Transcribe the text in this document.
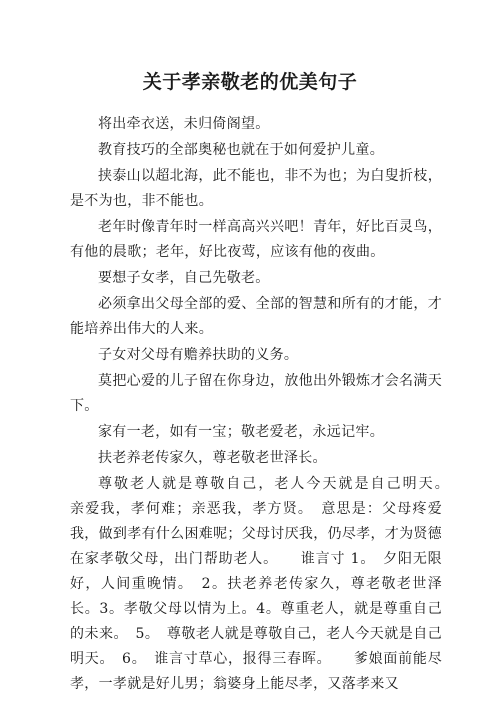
关于孝亲敬老的优美句子
将出牵衣送，未归倚阁望。
教育技巧的全部奥秘也就在于如何爱护儿童。
挟泰山以超北海，此不能也，非不为也；为白叟折枝，是不为也，非不能也。
老年时像青年时一样高高兴兴吧！青年，好比百灵鸟，有他的晨歌；老年，好比夜莺，应该有他的夜曲。
要想子女孝，自己先敬老。
必须拿出父母全部的爱、全部的智慧和所有的才能，才能培养出伟大的人来。
子女对父母有赡养扶助的义务。
莫把心爱的儿子留在你身边，放他出外锻炼才会名满天下。
家有一老，如有一宝；敬老爱老，永远记牢。
扶老养老传家久，尊老敬老世泽长。
尊敬老人就是尊敬自己，老人今天就是自己明天。　　亲爱我，孝何难；亲恶我，孝方贤。　意思是：父母疼爱我，做到孝有什么困难呢；父母讨厌我，仍尽孝，才为贤德　　在家孝敬父母，出门帮助老人。　　谁言寸 1。　夕阳无限好，人间重晚情。　2。扶老养老传家久，尊老敬老世泽长。3。孝敬父母以情为上。4。尊重老人，就是尊重自己的未来。　5。　尊敬老人就是尊敬自己，老人今天就是自己明天。　6。　谁言寸草心，报得三春晖。　　爹娘面前能尽孝，一孝就是好儿男；翁婆身上能尽孝，又落孝来又
